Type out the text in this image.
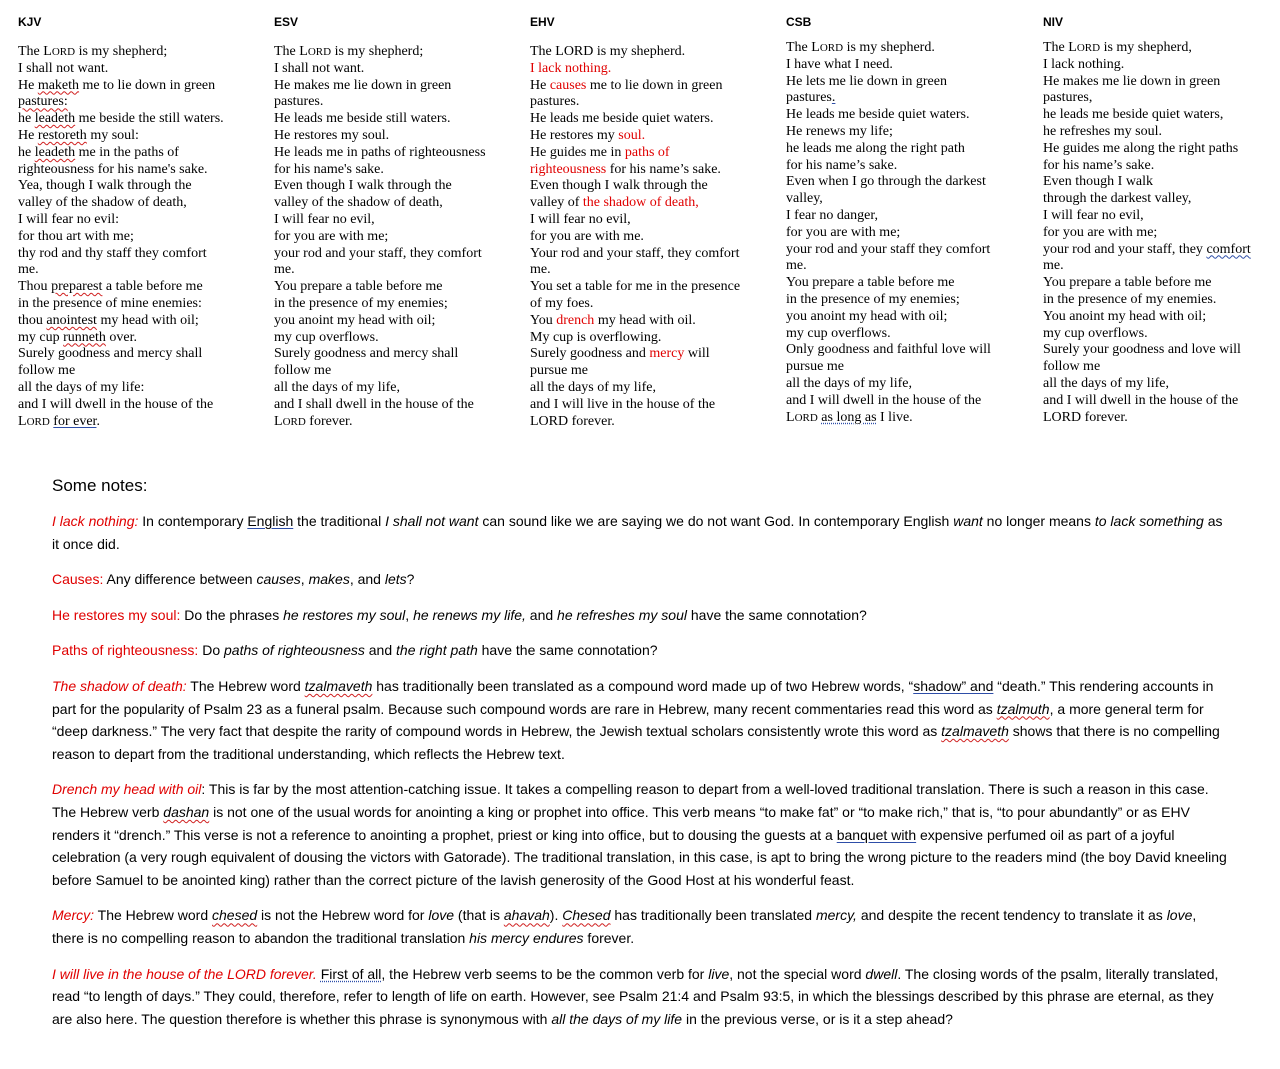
KJV
The LORD is my shepherd;
I shall not want.
He maketh me to lie down in green
pastures:
he leadeth me beside the still waters.
He restoreth my soul:
he leadeth me in the paths of
righteousness for his name's sake.
Yea, though I walk through the
valley of the shadow of death,
I will fear no evil:
for thou art with me;
thy rod and thy staff they comfort
me.
Thou preparest a table before me
in the presence of mine enemies:
thou anointest my head with oil;
my cup runneth over.
Surely goodness and mercy shall
follow me
all the days of my life:
and I will dwell in the house of the
LORD for ever.
ESV
The LORD is my shepherd;
I shall not want.
He makes me lie down in green
pastures.
He leads me beside still waters.
He restores my soul.
He leads me in paths of righteousness
for his name's sake.
Even though I walk through the
valley of the shadow of death,
I will fear no evil,
for you are with me;
your rod and your staff, they comfort
me.
You prepare a table before me
in the presence of my enemies;
you anoint my head with oil;
my cup overflows.
Surely goodness and mercy shall
follow me
all the days of my life,
and I shall dwell in the house of the
LORD forever.
EHV
The LORD is my shepherd.
I lack nothing.
He causes me to lie down in green
pastures.
He leads me beside quiet waters.
He restores my soul.
He guides me in paths of
righteousness for his name’s sake.
Even though I walk through the
valley of the shadow of death,
I will fear no evil,
for you are with me.
Your rod and your staff, they comfort
me.
You set a table for me in the presence
of my foes.
You drench my head with oil.
My cup is overflowing.
Surely goodness and mercy will
pursue me
all the days of my life,
and I will live in the house of the
LORD forever.
CSB
The LORD is my shepherd.
I have what I need.
He lets me lie down in green
pastures.
He leads me beside quiet waters.
He renews my life;
he leads me along the right path
for his name’s sake.
Even when I go through the darkest
valley,
I fear no danger,
for you are with me;
your rod and your staff they comfort
me.
You prepare a table before me
in the presence of my enemies;
you anoint my head with oil;
my cup overflows.
Only goodness and faithful love will
pursue me
all the days of my life,
and I will dwell in the house of the
LORD as long as I live.
NIV
The LORD is my shepherd,
I lack nothing.
He makes me lie down in green
pastures,
he leads me beside quiet waters,
he refreshes my soul.
He guides me along the right paths
for his name’s sake.
Even though I walk
through the darkest valley,
I will fear no evil,
for you are with me;
your rod and your staff, they comfort
me.
You prepare a table before me
in the presence of my enemies.
You anoint my head with oil;
my cup overflows.
Surely your goodness and love will
follow me
all the days of my life,
and I will dwell in the house of the
LORD forever.
Some notes:
I lack nothing: In contemporary English the traditional I shall not want can sound like we are saying we do not want God. In contemporary English want no longer means to lack something as it once did.
Causes: Any difference between causes, makes, and lets?
He restores my soul: Do the phrases he restores my soul, he renews my life, and he refreshes my soul have the same connotation?
Paths of righteousness: Do paths of righteousness and the right path have the same connotation?
The shadow of death: The Hebrew word tzalmaveth has traditionally been translated as a compound word made up of two Hebrew words, “shadow” and “death.” This rendering accounts in part for the popularity of Psalm 23 as a funeral psalm. Because such compound words are rare in Hebrew, many recent commentaries read this word as tzalmuth, a more general term for “deep darkness.” The very fact that despite the rarity of compound words in Hebrew, the Jewish textual scholars consistently wrote this word as tzalmaveth shows that there is no compelling reason to depart from the traditional understanding, which reflects the Hebrew text.
Drench my head with oil: This is far by the most attention-catching issue. It takes a compelling reason to depart from a well-loved traditional translation. There is such a reason in this case. The Hebrew verb dashan is not one of the usual words for anointing a king or prophet into office. This verb means “to make fat” or “to make rich,” that is, “to pour abundantly” or as EHV renders it “drench.” This verse is not a reference to anointing a prophet, priest or king into office, but to dousing the guests at a banquet with expensive perfumed oil as part of a joyful celebration (a very rough equivalent of dousing the victors with Gatorade). The traditional translation, in this case, is apt to bring the wrong picture to the readers mind (the boy David kneeling before Samuel to be anointed king) rather than the correct picture of the lavish generosity of the Good Host at his wonderful feast.
Mercy: The Hebrew word chesed is not the Hebrew word for love (that is ahavah). Chesed has traditionally been translated mercy, and despite the recent tendency to translate it as love, there is no compelling reason to abandon the traditional translation his mercy endures forever.
I will live in the house of the LORD forever. First of all, the Hebrew verb seems to be the common verb for live, not the special word dwell. The closing words of the psalm, literally translated, read “to length of days.” They could, therefore, refer to length of life on earth. However, see Psalm 21:4 and Psalm 93:5, in which the blessings described by this phrase are eternal, as they are also here. The question therefore is whether this phrase is synonymous with all the days of my life in the previous verse, or is it a step ahead?
